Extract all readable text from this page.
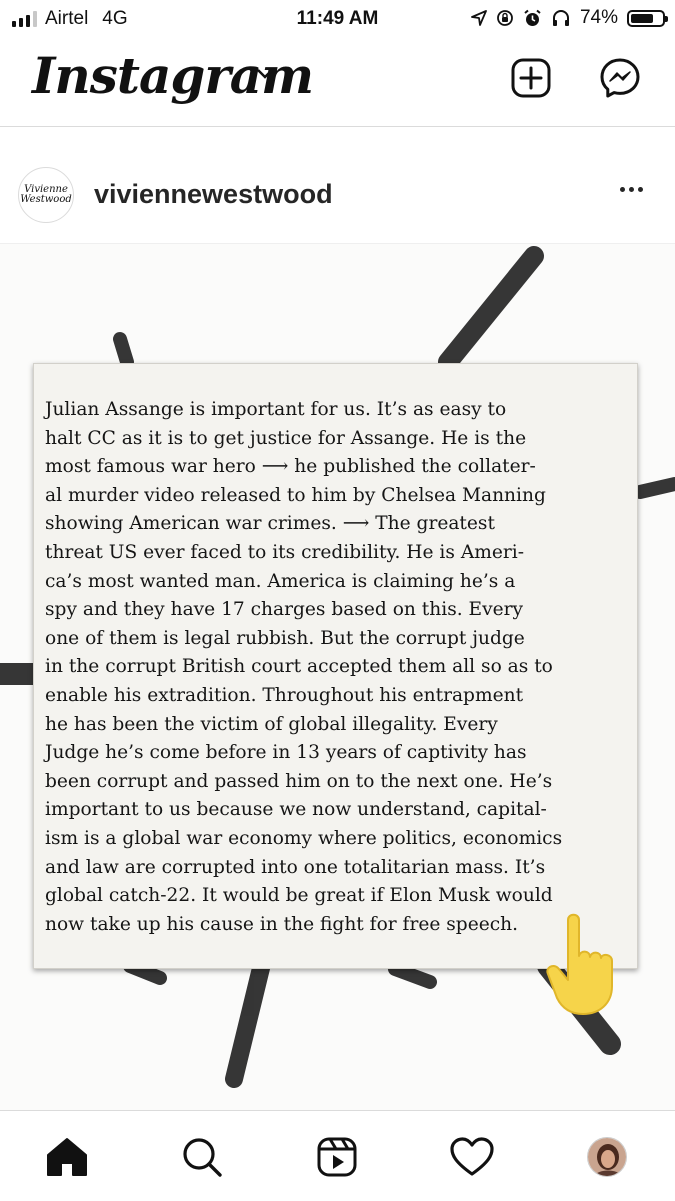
Airtel 4G	11:49 AM	74%
Instagram
Vivienne
Westwood viviennewestwood
Julian Assange is important for us. It’s as easy to
halt CC as it is to get justice for Assange. He is the
most famous war hero ⟶ he published the collater-
al murder video released to him by Chelsea Manning
showing American war crimes. ⟶ The greatest
threat US ever faced to its credibility. He is Ameri-
ca’s most wanted man. America is claiming he’s a
spy and they have 17 charges based on this. Every
one of them is legal rubbish. But the corrupt judge
in the corrupt British court accepted them all so as to
enable his extradition. Throughout his entrapment
he has been the victim of global illegality. Every
Judge he’s come before in 13 years of captivity has
been corrupt and passed him on to the next one. He’s
important to us because we now understand, capital-
ism is a global war economy where politics, economics
and law are corrupted into one totalitarian mass. It’s
global catch-22. It would be great if Elon Musk would
now take up his cause in the fight for free speech.
